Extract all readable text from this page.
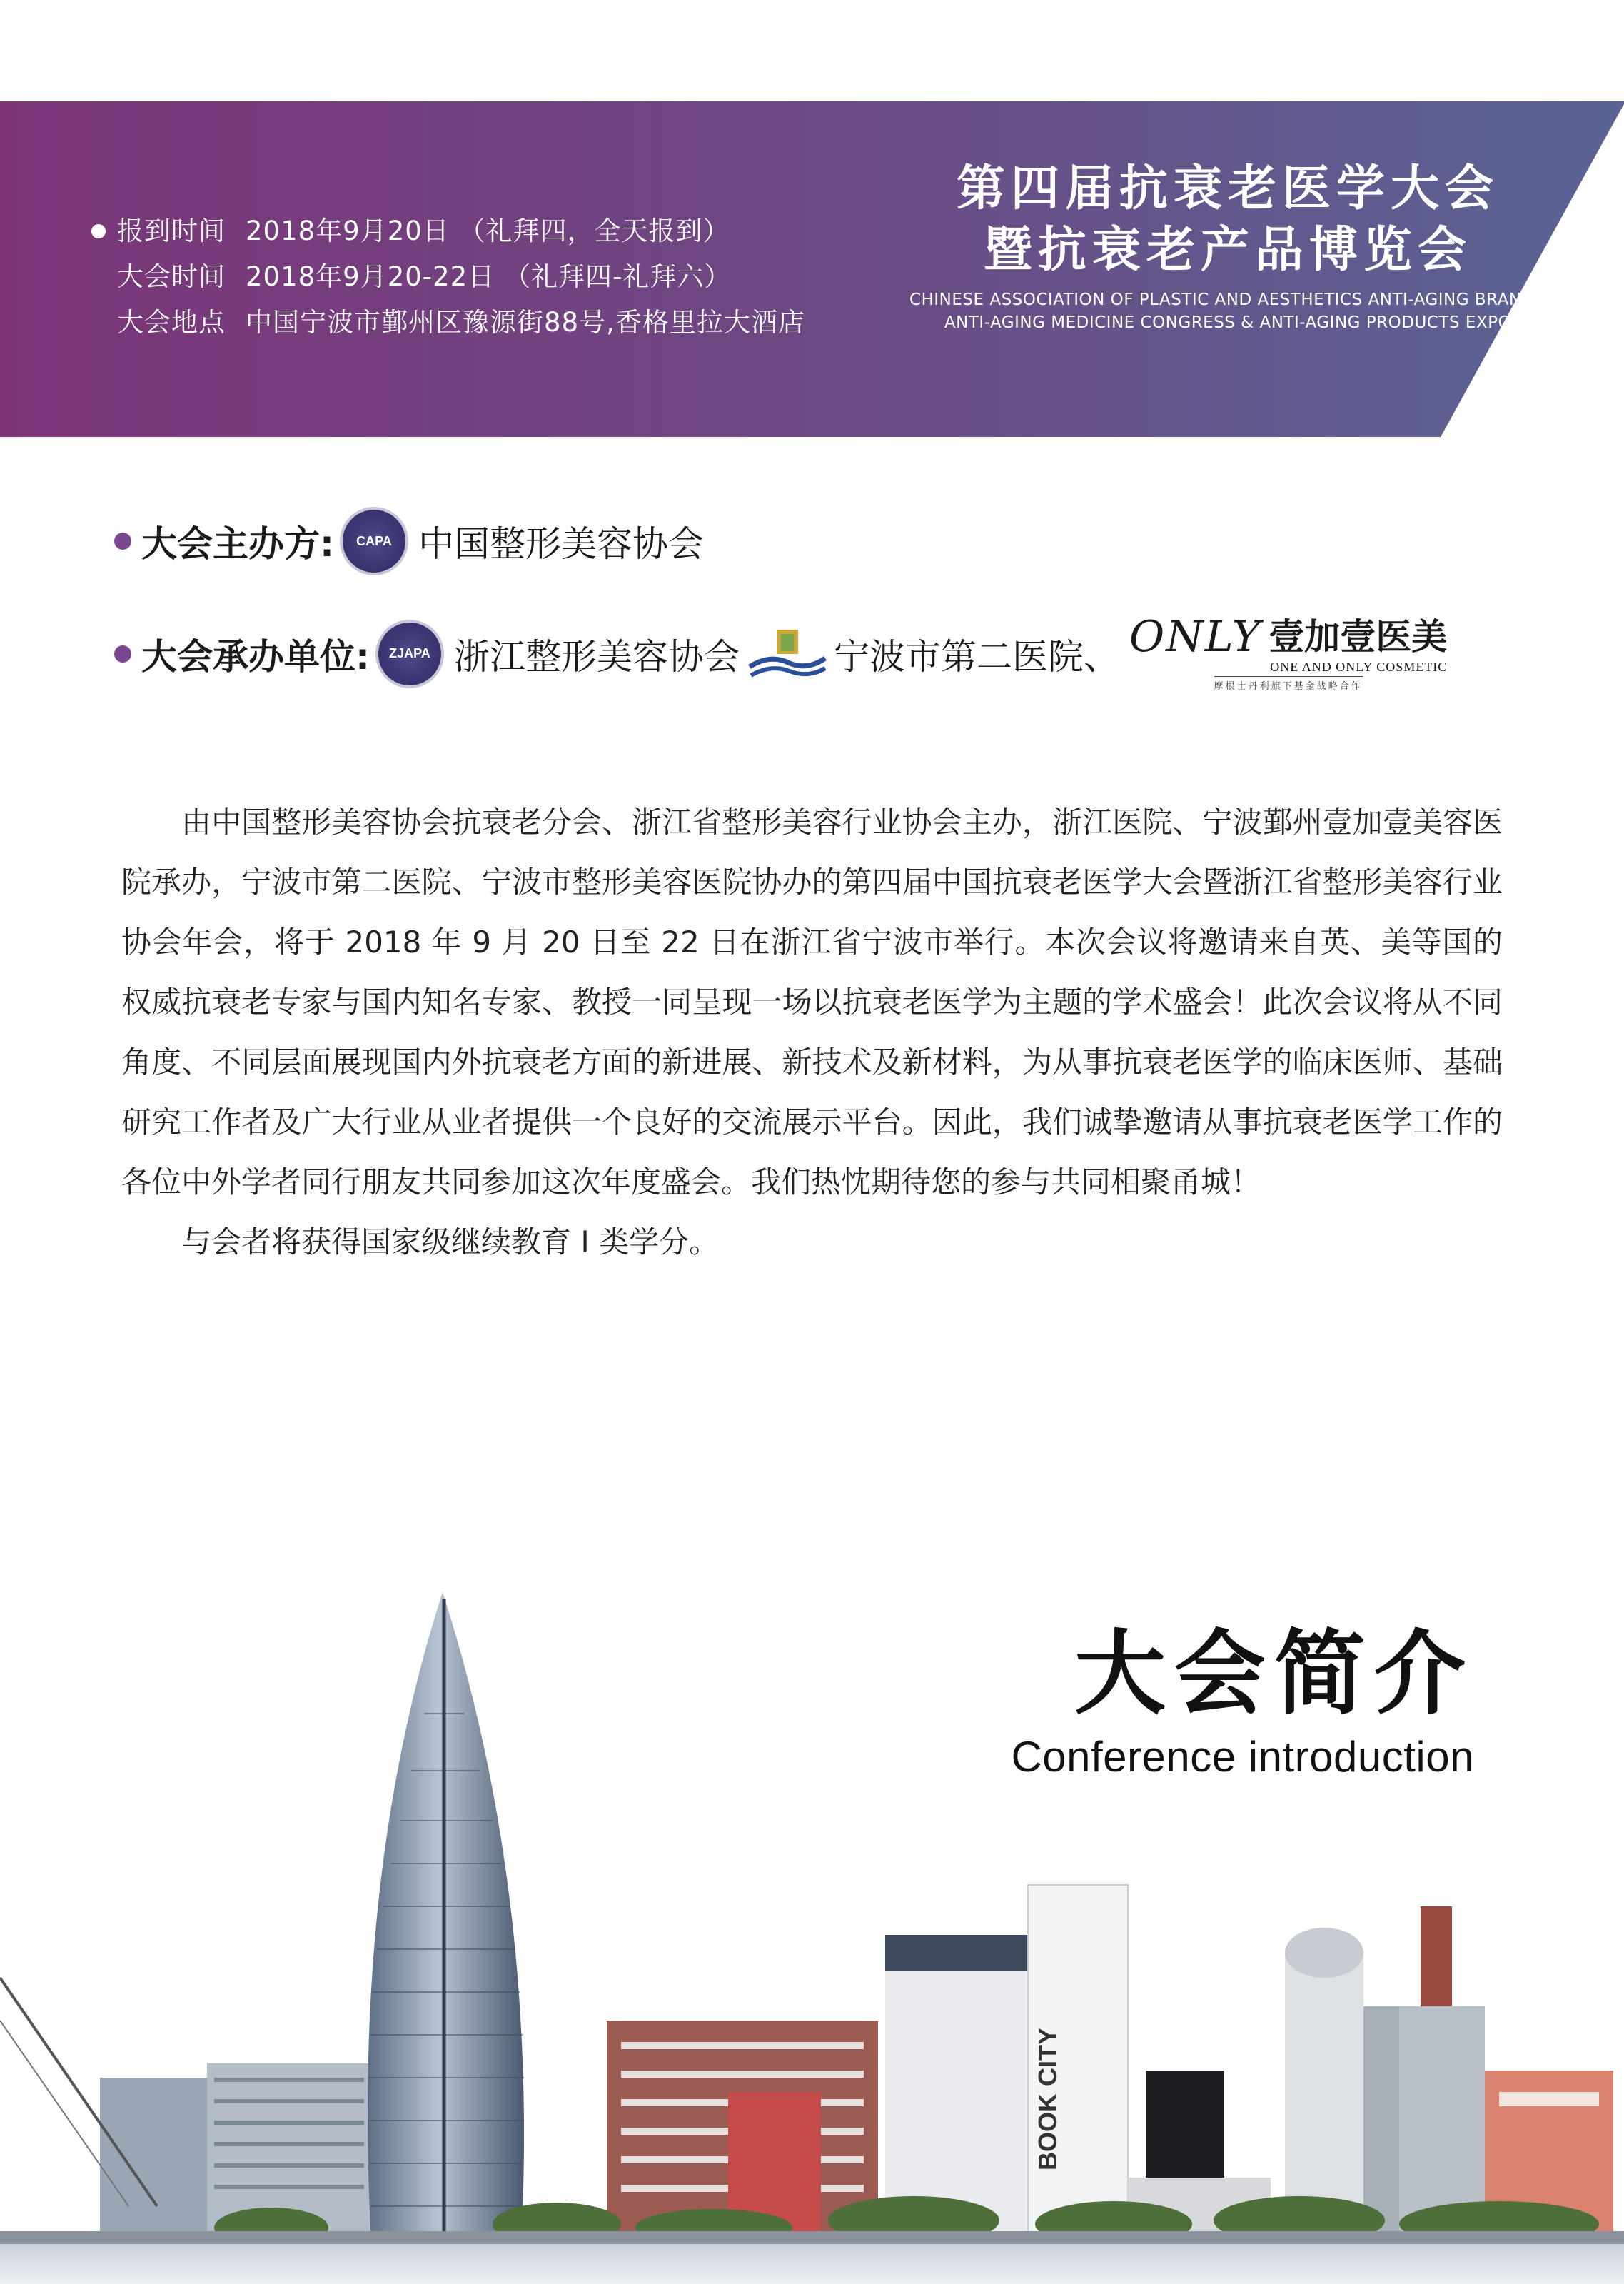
报到时间 2018年9月20日 （礼拜四，全天报到）
大会时间 2018年9月20-22日 （礼拜四-礼拜六）
大会地点 中国宁波市鄞州区豫源街88号,香格里拉大酒店
第四届抗衰老医学大会
暨抗衰老产品博览会
CHINESE ASSOCIATION OF PLASTIC AND AESTHETICS ANTI-AGING BRANCH
ANTI-AGING MEDICINE CONGRESS & ANTI-AGING PRODUCTS EXPO
大会主办方: CAPA 中国整形美容协会
大会承办单位: ZJAPA 浙江整形美容协会	宁波市第二医院、 ONLY 壹加壹医美
ONE AND ONLY COSMETIC
摩根士丹利旗下基金战略合作

由中国整形美容协会抗衰老分会、浙江省整形美容行业协会主办，浙江医院、宁波鄞州壹加壹美容医院承办，宁波市第二医院、宁波市整形美容医院协办的第四届中国抗衰老医学大会暨浙江省整形美容行业协会年会，将于 2018 年 9 月 20 日至 22 日在浙江省宁波市举行。本次会议将邀请来自英、美等国的权威抗衰老专家与国内知名专家、教授一同呈现一场以抗衰老医学为主题的学术盛会！此次会议将从不同角度、不同层面展现国内外抗衰老方面的新进展、新技术及新材料，为从事抗衰老医学的临床医师、基础研究工作者及广大行业从业者提供一个良好的交流展示平台。因此，我们诚挚邀请从事抗衰老医学工作的各位中外学者同行朋友共同参加这次年度盛会。我们热忱期待您的参与共同相聚甬城！

与会者将获得国家级继续教育 I 类学分。

BOOK CITY
大会简介
Conference introduction
